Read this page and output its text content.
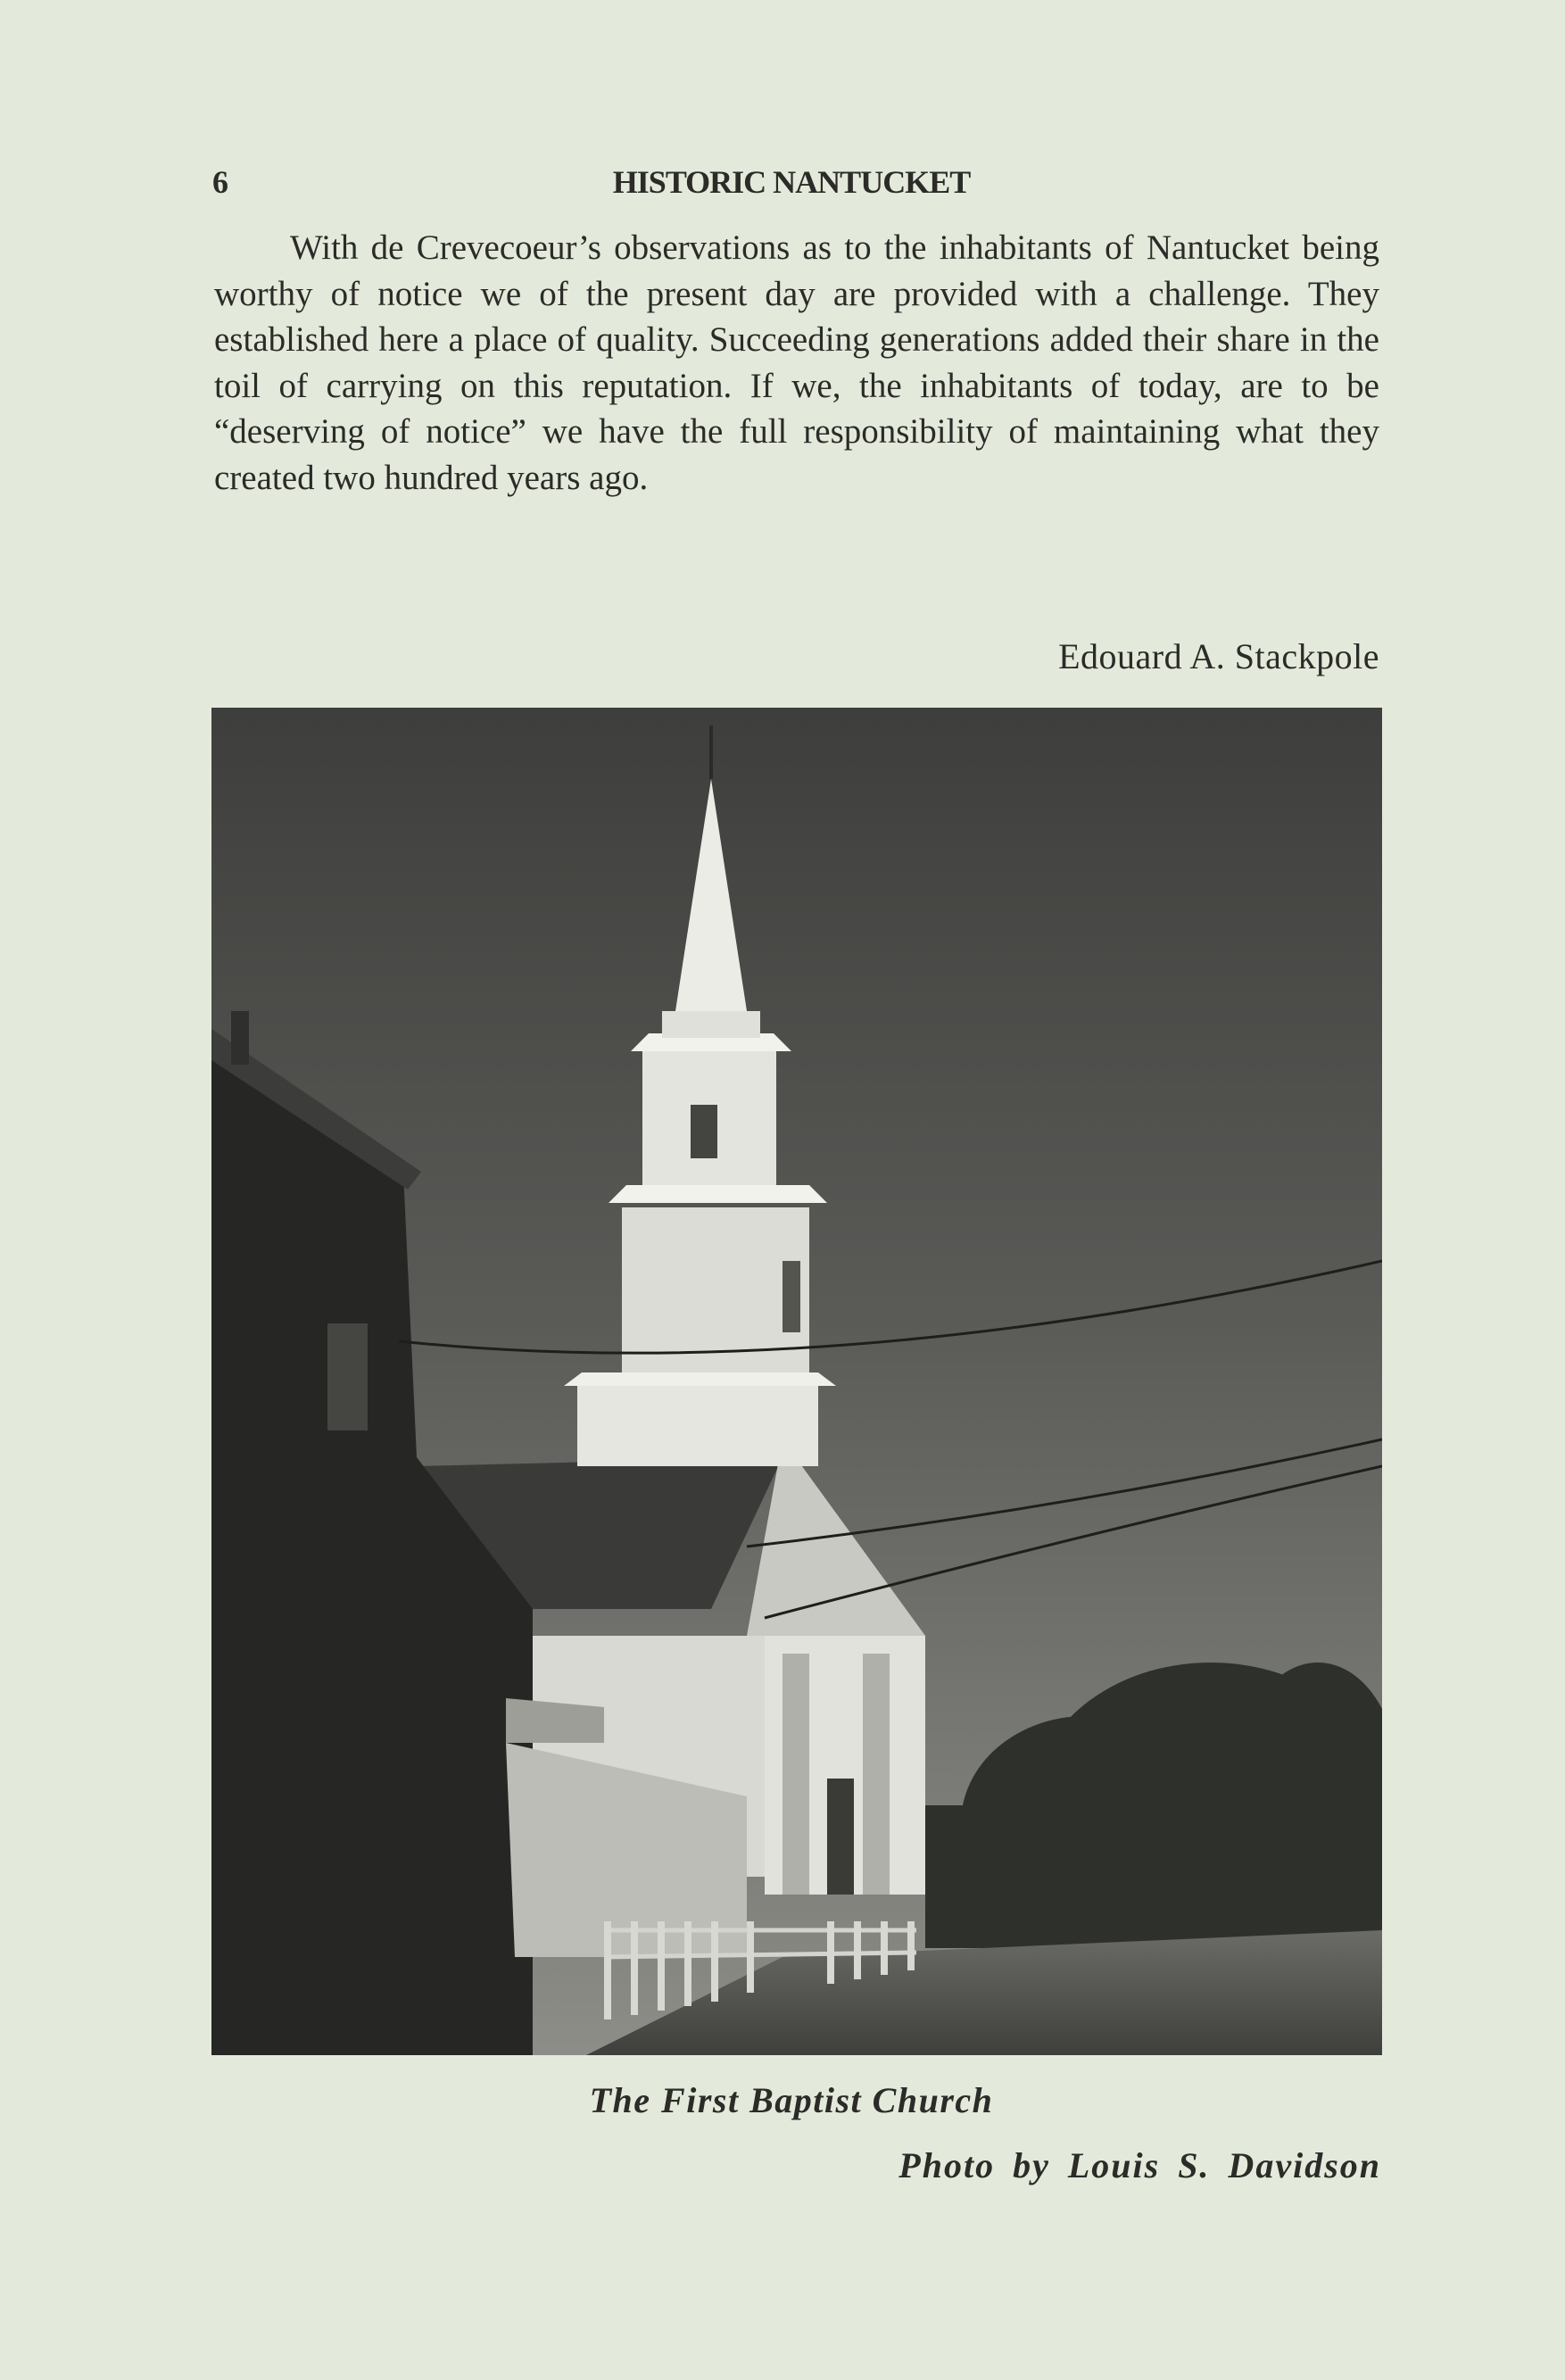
6	HISTORIC NANTUCKET

With de Crevecoeur’s observations as to the inhabitants of Nantucket being worthy of notice we of the present day are provided with a challenge. They established here a place of quality. Succeeding generations added their share in the toil of carrying on this reputation. If we, the inhabitants of today, are to be “deserving of notice” we have the full responsibility of maintaining what they created two hundred years ago.

Edouard A. Stackpole
The First Baptist Church
Photo by Louis S. Davidson
